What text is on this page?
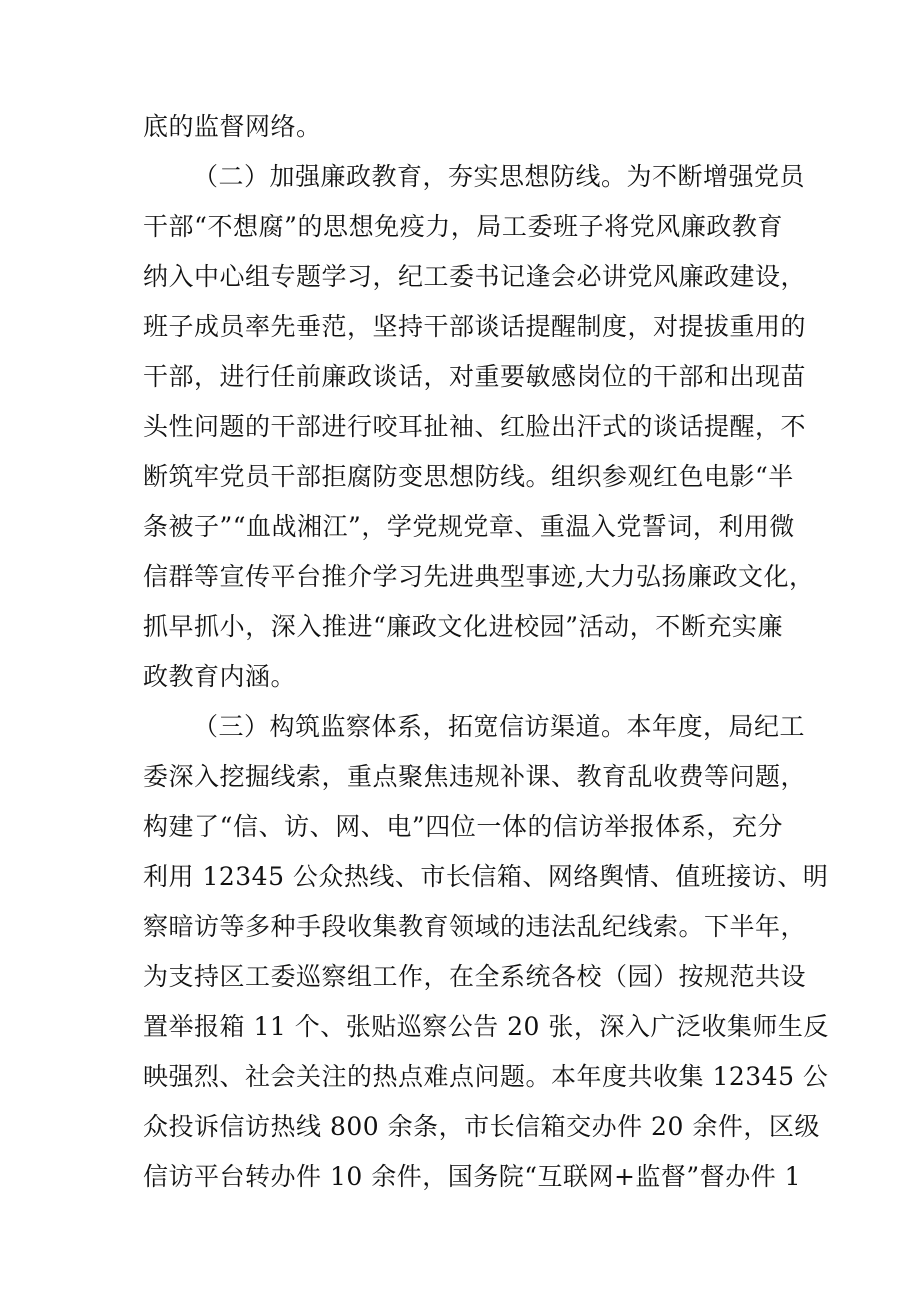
底的监督网络。
（二）加强廉政教育，夯实思想防线。为不断增强党员
干部“不想腐”的思想免疫力，局工委班子将党风廉政教育
纳入中心组专题学习，纪工委书记逢会必讲党风廉政建设，
班子成员率先垂范，坚持干部谈话提醒制度，对提拔重用的
干部，进行任前廉政谈话，对重要敏感岗位的干部和出现苗
头性问题的干部进行咬耳扯袖、红脸出汗式的谈话提醒，不
断筑牢党员干部拒腐防变思想防线。组织参观红色电影“半
条被子”“血战湘江”，学党规党章、重温入党誓词，利用微
信群等宣传平台推介学习先进典型事迹,大力弘扬廉政文化，
抓早抓小，深入推进“廉政文化进校园”活动，不断充实廉
政教育内涵。
（三）构筑监察体系，拓宽信访渠道。本年度，局纪工
委深入挖掘线索，重点聚焦违规补课、教育乱收费等问题，
构建了“信、访、网、电”四位一体的信访举报体系，充分
利用 12345 公众热线、市长信箱、网络舆情、值班接访、明
察暗访等多种手段收集教育领域的违法乱纪线索。下半年，
为支持区工委巡察组工作，在全系统各校（园）按规范共设
置举报箱 11 个、张贴巡察公告 20 张，深入广泛收集师生反
映强烈、社会关注的热点难点问题。本年度共收集 12345 公
众投诉信访热线 800 余条，市长信箱交办件 20 余件，区级
信访平台转办件 10 余件，国务院“互联网+监督”督办件 1
